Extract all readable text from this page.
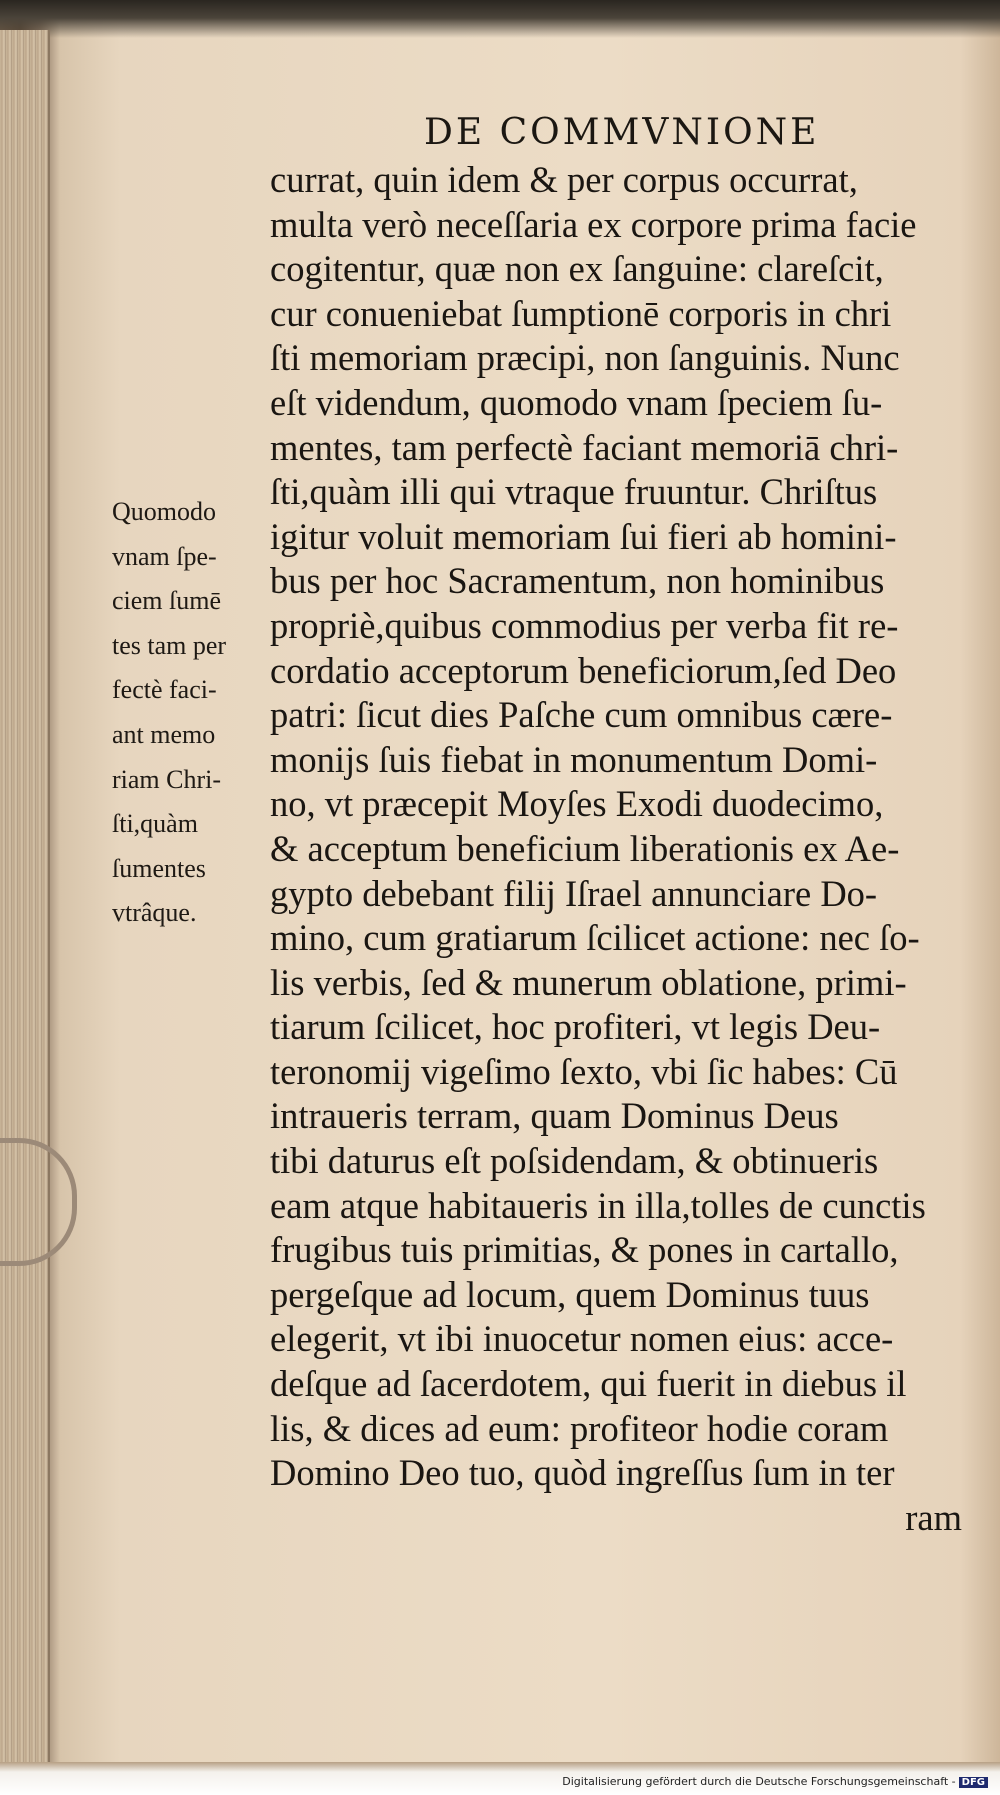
DE COMMVNIONE
Quomodo
vnam ſpe-
ciem ſumē
tes tam per
fectè faci-
ant memo
riam Chri-
ſti,quàm
ſumentes
vtrâque.
currat, quin idem & per corpus occurrat,
multa verò neceſſaria ex corpore prima facie
cogitentur, quæ non ex ſanguine: clareſcit,
cur conueniebat ſumptionē corporis in chri
ſti memoriam præcipi, non ſanguinis. Nunc
eſt videndum, quomodo vnam ſpeciem ſu-
mentes, tam perfectè faciant memoriā chri-
ſti,quàm illi qui vtraque fruuntur. Chriſtus
igitur voluit memoriam ſui fieri ab homini-
bus per hoc Sacramentum, non hominibus
propriè,quibus commodius per verba fit re-
cordatio acceptorum beneficiorum,ſed Deo
patri: ſicut dies Paſche cum omnibus cære-
monijs ſuis fiebat in monumentum Domi-
no, vt præcepit Moyſes Exodi duodecimo,
& acceptum beneficium liberationis ex Ae-
gypto debebant filij Iſrael annunciare Do-
mino, cum gratiarum ſcilicet actione: nec ſo-
lis verbis, ſed & munerum oblatione, primi-
tiarum ſcilicet, hoc profiteri, vt legis Deu-
teronomij vigeſimo ſexto, vbi ſic habes: Cū
intraueris terram, quam Dominus Deus
tibi daturus eſt poſsidendam, & obtinueris
eam atque habitaueris in illa,tolles de cunctis
frugibus tuis primitias, & pones in cartallo,
pergeſque ad locum, quem Dominus tuus
elegerit, vt ibi inuocetur nomen eius: acce-
deſque ad ſacerdotem, qui fuerit in diebus il
lis, & dices ad eum: profiteor hodie coram
Domino Deo tuo, quòd ingreſſus ſum in ter
ram
Digitalisierung gefördert durch die Deutsche Forschungsgemeinschaft - DFG
